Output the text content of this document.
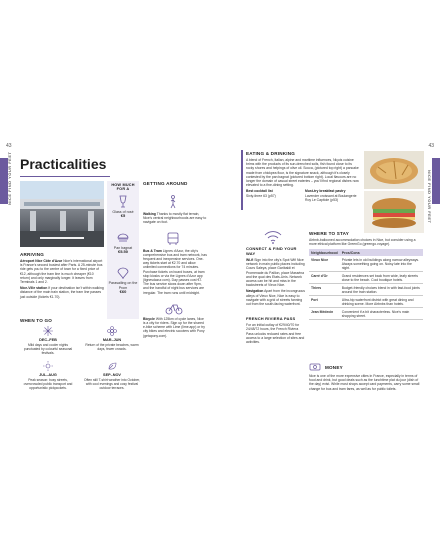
43	43
NICE FIND YOUR FEET	NICE FIND YOUR FEET
Practicalities
HOW MUCH FOR A
Glass of rosé
€5
Pan bagnat
€5.50
Parasailing on the Prom
€60
ARRIVING
Aéroport Nice Côte d'Azur Nice's international airport is France's second busiest after Paris. A 25-minute bus ride gets you to the centre of town for a fixed price of €12, although the tram line is much cheaper (€10 return) and only marginally longer. It leaves from Terminals 1 and 2.
Nice-Ville station If your destination isn't within walking distance of the main train station, the tram line passes just outside (tickets €1.70).
GETTING AROUND
Walking Thanks to mostly flat terrain, Nice's central neighbourhoods are easy to navigate on foot.
Bus & Tram Lignes d'Azur, the city's comprehensive bus and tram network, has frequent and inexpensive services. One-way tickets start at €2.70 and allow unlimited connections for 74 minutes. Purchase tickets on board buses, at tram stop kiosks or via the Lignes d'Azur app (lignesdazur.com). Day passes cost €7. The bus service slows down after 9pm, and the handful of night bus services are irregular. The tram runs until midnight.
Bicycle With 125km of cycle lanes, Nice is a city for riders. Sign up for the shared e-bike scheme with Lime (lime.app) or try city bikes and electric scooters with Pony (getapony.com).
WHEN TO GO
DEC–FEB
Mild days and cooler nights punctuated by colourful seasonal festivals.
MAR–JUN
Return of the private beaches, warm days, fewer crowds.
JUL–AUG
Peak season: busy streets, overcrowded public transport and opportunistic pickpockets.
SEP–NOV
Often still T-shirt weather into October, with cool evenings and cosy festival outdoor terraces.
EATING & DRINKING
A blend of French, Italian, alpine and maritime influences, Niçois cuisine brims with the products of its sun-drenched soils, fish found close to its rocky shores and helpings of olive oil. Socca, (pictured top right) a pancake made from chickpea flour, is the signature snack, although it's closely contested by the pan bagnat (pictured bottom right). Local flavours are no longer the domain of casual street eateries – you'll find regional dishes now elevated to a fine-dining setting.
Best cocktail list
Sixty-three 63 (p57)
Must-try breakfast pastry
Lavender croissant at Boulangerie Roy Le Capitole (p53)
CONNECT & FIND YOUR WAY
Wi-fi Sign into the city's Spot Wifi Nice network in main public places including Cours Saleya, place Garibaldi et Promenade du Paillon, place Masséna and the quai des Etats-Unis. Network access can be hit and miss in the backstreets of Vieux Nice.
Navigation Apart from the incongruous alleys of Vieux Nice, Nice is easy to navigate with a grid of streets fanning out from the south-facing waterfront.
FRENCH RIVIERA PASS
For an initial outlay of €29/40/70 for 24/48/72 hours, the French Riviera Pass unlocks reduced rates and free access to a large selection of sites and activities.
WHERE TO STAY
Airbnb-ballooned accommodation choices in Nice, but consider using a more ethical platform like GreenGo (greengo.voyage).
Neighbourhood	Pros/Cons
Vieux Nice	Private lets in old buildings along narrow alleyways. Always something going on. Noisy late into the night.
Carré d'Or	Grand residences set back from wide, leafy streets close to the beach. Cool boutique hotels.
Thiers	Budget-friendly choices blend in with fast-food joints around the train station.
Port	Ultra-hip waterfront district with great dining and drinking scene. More Airbnbs than hotels.
Jean Médecin	Convenient if a bit characterless. Nice's main shopping street.
MONEY
Nice is one of the more expensive cities in France, especially in terms of food and drink, but good deals such as the lunchtime plat du jour (dish of the day) exist. While most shops accept card payments, carry some small change for bus and tram fares, as well as for public toilets.
